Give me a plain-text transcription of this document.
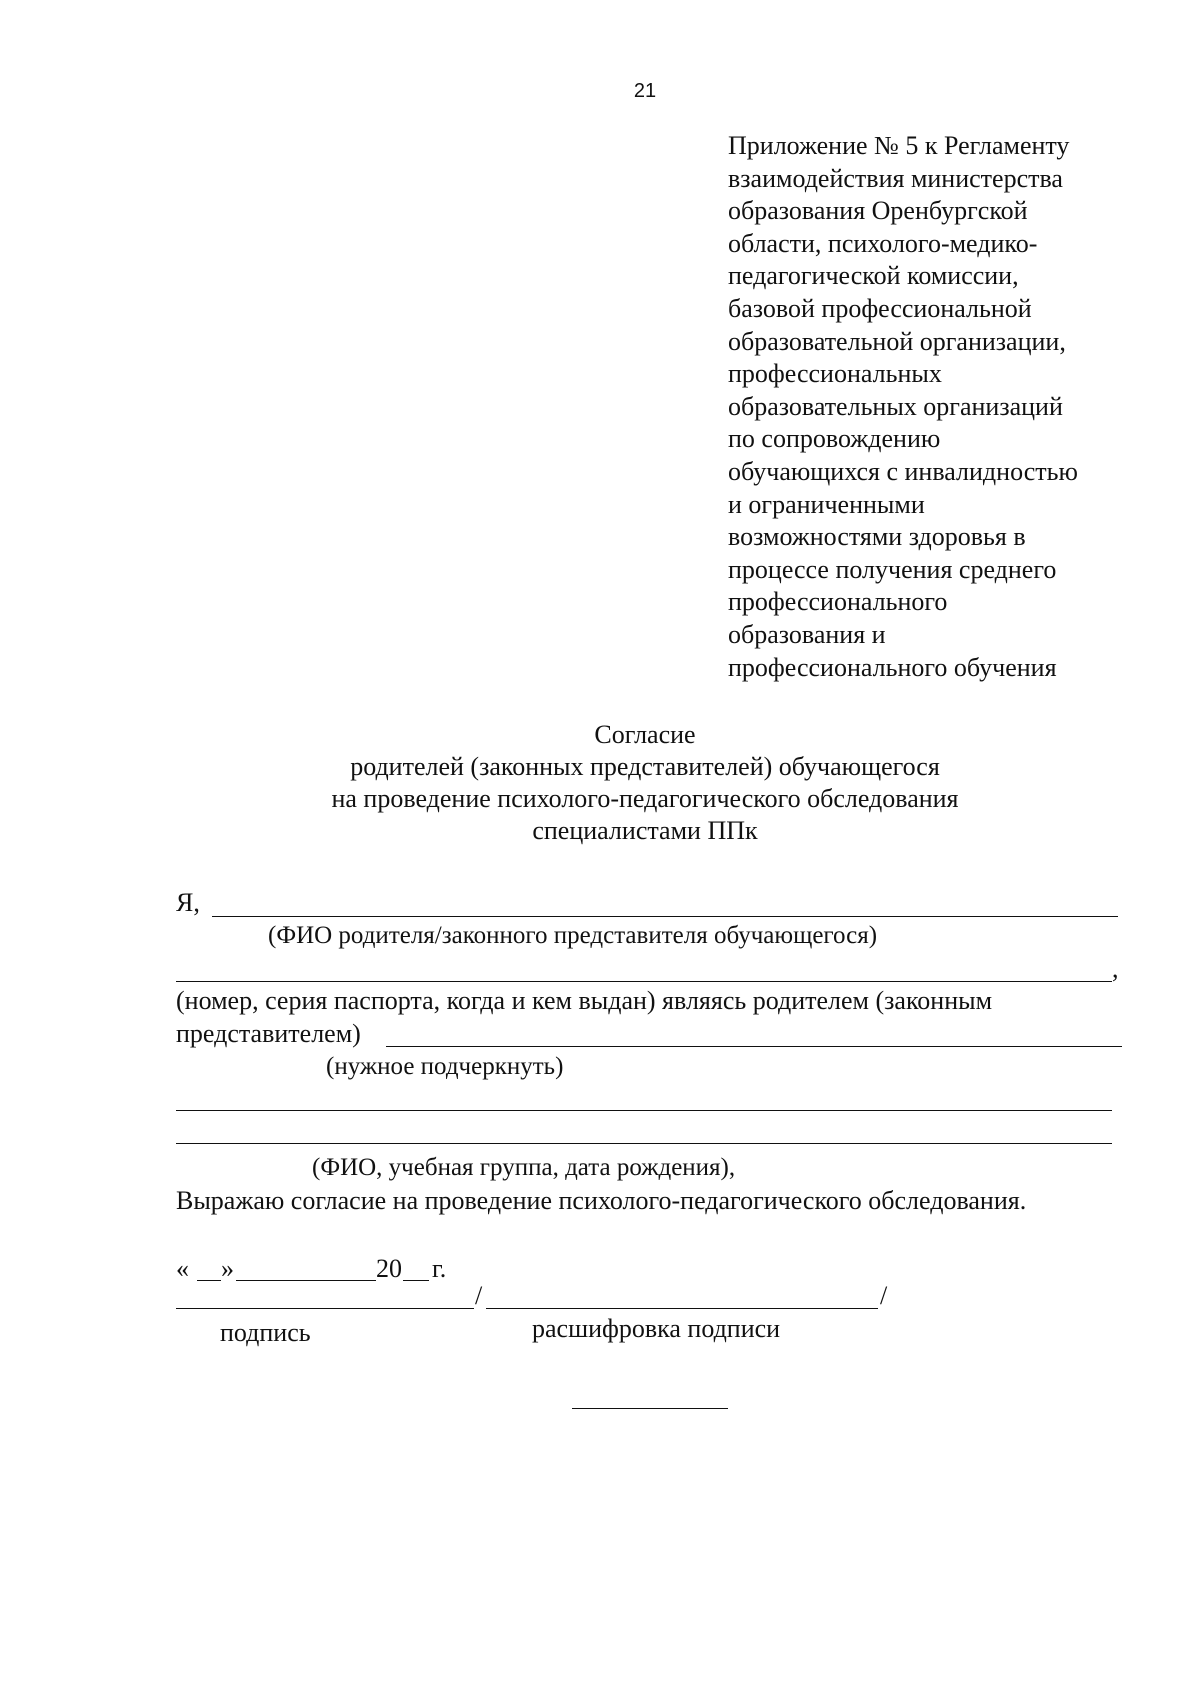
21
Приложение № 5 к Регламенту
взаимодействия министерства
образования Оренбургской
области, психолого-медико-
педагогической комиссии,
базовой профессиональной
образовательной организации,
профессиональных
образовательных организаций
по сопровождению
обучающихся с инвалидностью
и ограниченными
возможностями здоровья в
процессе получения среднего
профессионального
образования и
профессионального обучения
Согласие
родителей (законных представителей) обучающегося
на проведение психолого-педагогического обследования
специалистами ППк
Я,
(ФИО родителя/законного представителя обучающегося)
,
(номер, серия паспорта, когда и кем выдан) являясь родителем (законным
представителем)
(нужное подчеркнуть)
(ФИО, учебная группа, дата рождения),
Выражаю согласие на проведение психолого-педагогического обследования.
« »	20 г.
/	/
подпись	расшифровка подписи
